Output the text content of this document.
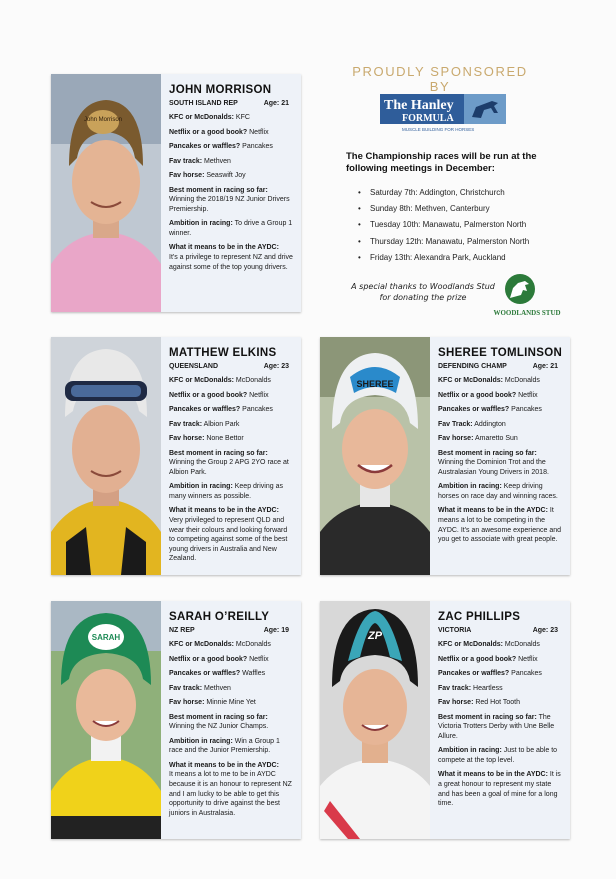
PROUDLY SPONSORED BY
The Hanley
FORMULA
MUSCLE BUILDING FOR HORSES
The Championship races will be run at the following meetings in December:
• Saturday 7th: Addington, Christchurch
• Sunday 8th: Methven, Canterbury
• Tuesday 10th: Manawatu, Palmerston North
• Thursday 12th: Manawatu, Palmerston North
• Friday 13th: Alexandra Park, Auckland
A special thanks to Woodlands Stud for donating the prize
WOODLANDS STUD
John Morrison
JOHN MORRISON
SOUTH ISLAND REP	Age: 21
KFC or McDonalds: KFC
Netflix or a good book? Netflix
Pancakes or waffles? Pancakes
Fav track: Methven
Fav horse: Seaswift Joy
Best moment in racing so far: Winning the 2018/19 NZ Junior Drivers Premiership.
Ambition in racing: To drive a Group 1 winner.
What it means to be in the AYDC:
It's a privilege to represent NZ and drive against some of the top young drivers.
MATTHEW ELKINS
QUEENSLAND	Age: 23
KFC or McDonalds: McDonalds
Netflix or a good book? Netflix
Pancakes or waffles? Pancakes
Fav track: Albion Park
Fav horse: None Bettor
Best moment in racing so far: Winning the Group 2 APG 2YO race at Albion Park.
Ambition in racing: Keep driving as many winners as possible.
What it means to be in the AYDC:
Very privileged to represent QLD and wear their colours and looking forward to competing against some of the best young drivers in Australia and New Zealand.
SHEREE
SHEREE TOMLINSON
DEFENDING CHAMP	Age: 21
KFC or McDonalds: McDonalds
Netflix or a good book? Netflix
Pancakes or waffles? Pancakes
Fav Track: Addington
Fav horse: Amaretto Sun
Best moment in racing so far: Winning the Dominion Trot and the Australasian Young Drivers in 2018.
Ambition in racing: Keep driving horses on race day and winning races.
What it means to be in the AYDC: It means a lot to be competing in the AYDC. It's an awesome experience and you get to associate with great people.
SARAH
SARAH O’REILLY
NZ REP	Age: 19
KFC or McDonalds: McDonalds
Netflix or a good book? Netflix
Pancakes or waffles? Waffles
Fav track: Methven
Fav horse: Minnie Mine Yet
Best moment in racing so far: Winning the NZ Junior Champs.
Ambition in racing: Win a Group 1 race and the Junior Premiership.
What it means to be in the AYDC:
It means a lot to me to be in AYDC because it is an honour to represent NZ and I am lucky to be able to get this opportunity to drive against the best juniors in Australasia.
ZP
ZAC PHILLIPS
VICTORIA	Age: 23
KFC or McDonalds: McDonalds
Netflix or a good book? Netflix
Pancakes or waffles? Pancakes
Fav track: Heartless
Fav horse: Red Hot Tooth
Best moment in racing so far: The Victoria Trotters Derby with Une Belle Allure.
Ambition in racing: Just to be able to compete at the top level.
What it means to be in the AYDC: It is a great honour to represent my state and has been a goal of mine for a long time.
